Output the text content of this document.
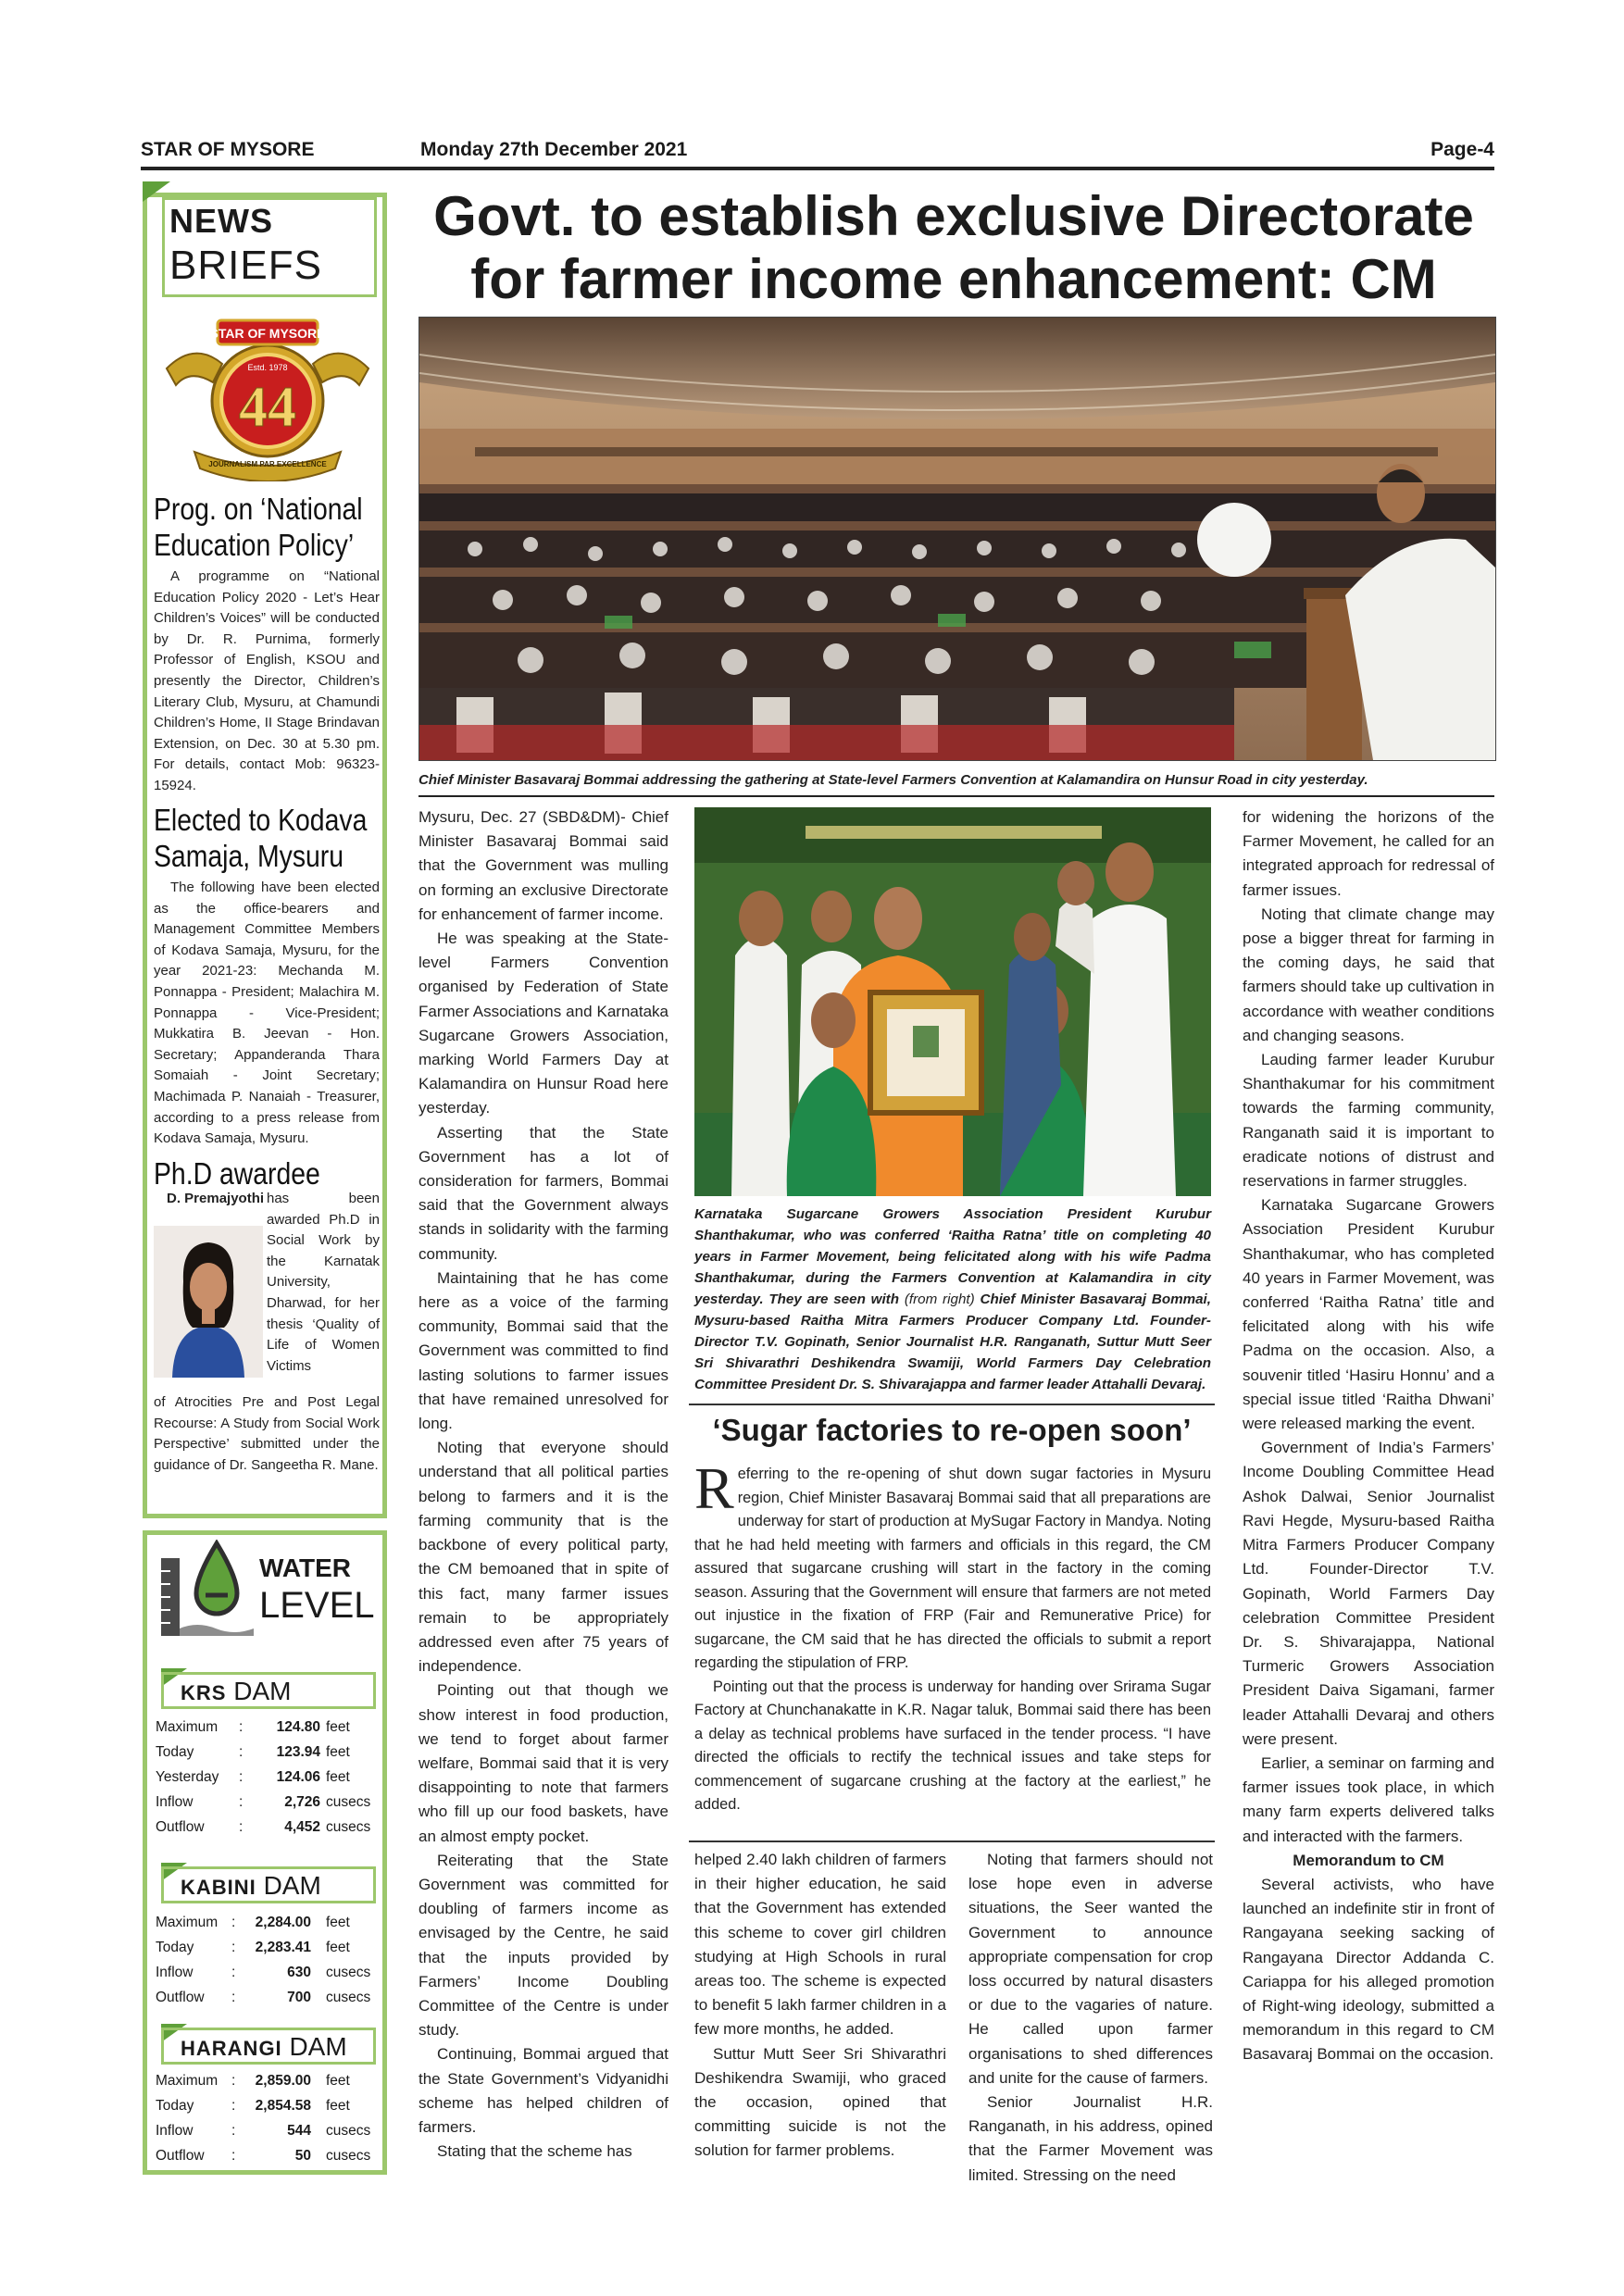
STAR OF MYSORE	Monday 27th December 2021	Page-4
NEWS
BRIEFS
STAR OF MYSORE
Estd. 1978
44
JOURNALISM PAR EXCELLENCE
Prog. on ‘National Education Policy’
A programme on “National Education Policy 2020 - Let’s Hear Children’s Voices” will be conducted by Dr. R. Purnima, formerly Professor of English, KSOU and presently the Director, Children’s Literary Club, Mysuru, at Chamundi Children’s Home, II Stage Brindavan Extension, on Dec. 30 at 5.30 pm. For details, contact Mob: 96323-15924.
Elected to Kodava Samaja, Mysuru
The following have been elected as the office-bearers and Management Committee Members of Kodava Samaja, Mysuru, for the year 2021-23: Mechanda M. Ponnappa - President; Malachira M. Ponnappa - Vice-President; Mukkatira B. Jeevan - Hon. Secretary; Appanderanda Thara Somaiah - Joint Secretary; Machimada P. Nanaiah - Treasurer, according to a press release from Kodava Samaja, Mysuru.
Ph.D awardee
D. Premajyothi has been awarded Ph.D in Social Work by the Karnatak University, Dharwad, for her thesis ‘Quality of Life of Women Victims
of Atrocities Pre and Post Legal Recourse: A Study from Social Work Perspective’ submitted under the guidance of Dr. Sangeetha R. Mane.
WATER
LEVEL
KRS DAM
Maximum : 124.80 feet
Today	: 123.94 feet
Yesterday : 124.06 feet
Inflow	:	2,726 cusecs
Outflow :	4,452 cusecs
KABINI DAM
Maximum : 2,284.00 feet
Today	: 2,283.41 feet
Inflow	:	630 cusecs
Outflow :	700 cusecs
HARANGI DAM
Maximum : 2,859.00 feet
Today	: 2,854.58 feet
Inflow	:	544 cusecs
Outflow :	50 cusecs
Govt. to establish exclusive Directorate
for farmer income enhancement: CM
Chief Minister Basavaraj Bommai addressing the gathering at State-level Farmers Convention at Kalamandira on Hunsur Road in city yesterday.

Mysuru, Dec. 27 (SBD&DM)- Chief Minister Basavaraj Bommai said that the Government was mulling on forming an exclusive Directorate for enhancement of farmer income.

He was speaking at the State-level Farmers Convention organised by Federation of State Farmer Associations and Karnataka Sugarcane Growers Association, marking World Farmers Day at Kalamandira on Hunsur Road here yesterday.

Asserting that the State Government has a lot of consideration for farmers, Bommai said that the Government always stands in solidarity with the farming community.

Maintaining that he has come here as a voice of the farming community, Bommai said that the Government was committed to find lasting solutions to farmer issues that have remained unresolved for long.

Noting that everyone should understand that all political parties belong to farmers and it is the farming community that is the backbone of every political party, the CM bemoaned that in spite of this fact, many farmer issues remain to be appropriately addressed even after 75 years of independence.

Pointing out that though we show interest in food production, we tend to forget about farmer welfare, Bommai said that it is very disappointing to note that farmers who fill up our food baskets, have an almost empty pocket.

Reiterating that the State Government was committed for doubling of farmers income as envisaged by the Centre, he said that the inputs provided by Farmers’ Income Doubling Committee of the Centre is under study.

Continuing, Bommai argued that the State Government’s Vidyanidhi scheme has helped children of farmers.

Stating that the scheme has

Karnataka Sugarcane Growers Association President Kurubur Shanthakumar, who was conferred ‘Raitha Ratna’ title on completing 40 years in Farmer Movement, being felicitated along with his wife Padma Shanthakumar, during the Farmers Convention at Kalamandira in city yesterday. They are seen with (from right) Chief Minister Basavaraj Bommai, Mysuru-based Raitha Mitra Farmers Producer Company Ltd. Founder-Director T.V. Gopinath, Senior Journalist H.R. Ranganath, Suttur Mutt Seer Sri Shivarathri Deshikendra Swamiji, World Farmers Day Celebration Committee President Dr. S. Shivarajappa and farmer leader Attahalli Devaraj.
‘Sugar factories to re-open soon’

Referring to the re-opening of shut down sugar factories in Mysuru region, Chief Minister Basavaraj Bommai said that all preparations are underway for start of production at MySugar Factory in Mandya. Noting that he had held meeting with farmers and officials in this regard, the CM assured that sugarcane crushing will start in the factory in the coming season. Assuring that the Government will ensure that farmers are not meted out injustice in the fixation of FRP (Fair and Remunerative Price) for sugarcane, the CM said that he has directed the officials to submit a report regarding the stipulation of FRP.

Pointing out that the process is underway for handing over Srirama Sugar Factory at Chunchanakatte in K.R. Nagar taluk, Bommai said there has been a delay as technical problems have surfaced in the tender process. “I have directed the officials to rectify the technical issues and take steps for commencement of sugarcane crushing at the factory at the earliest,” he added.

helped 2.40 lakh children of farmers in their higher education, he said that the Government has extended this scheme to cover girl children studying at High Schools in rural areas too. The scheme is expected to benefit 5 lakh farmer children in a few more months, he added.

Suttur Mutt Seer Sri Shivarathri Deshikendra Swamiji, who graced the occasion, opined that committing suicide is not the solution for farmer problems.

Noting that farmers should not lose hope even in adverse situations, the Seer wanted the Government to announce appropriate compensation for crop loss occurred by natural disasters or due to the vagaries of nature. He called upon farmer organisations to shed differences and unite for the cause of farmers.

Senior Journalist H.R. Ranganath, in his address, opined that the Farmer Movement was limited. Stressing on the need

for widening the horizons of the Farmer Movement, he called for an integrated approach for redressal of farmer issues.

Noting that climate change may pose a bigger threat for farming in the coming days, he said that farmers should take up cultivation in accordance with weather conditions and changing seasons.

Lauding farmer leader Kurubur Shanthakumar for his commitment towards the farming community, Ranganath said it is important to eradicate notions of distrust and reservations in farmer struggles.

Karnataka Sugarcane Growers Association President Kurubur Shanthakumar, who has completed 40 years in Farmer Movement, was conferred ‘Raitha Ratna’ title and felicitated along with his wife Padma on the occasion. Also, a souvenir titled ‘Hasiru Honnu’ and a special issue titled ‘Raitha Dhwani’ were released marking the event.

Government of India’s Farmers’ Income Doubling Committee Head Ashok Dalwai, Senior Journalist Ravi Hegde, Mysuru-based Raitha Mitra Farmers Producer Company Ltd. Founder-Director T.V. Gopinath, World Farmers Day celebration Committee President Dr. S. Shivarajappa, National Turmeric Growers Association President Daiva Sigamani, farmer leader Attahalli Devaraj and others were present.

Earlier, a seminar on farming and farmer issues took place, in which many farm experts delivered talks and interacted with the farmers.

Memorandum to CM

Several activists, who have launched an indefinite stir in front of Rangayana seeking sacking of Rangayana Director Addanda C. Cariappa for his alleged promotion of Right-wing ideology, submitted a memorandum in this regard to CM Basavaraj Bommai on the occasion.
